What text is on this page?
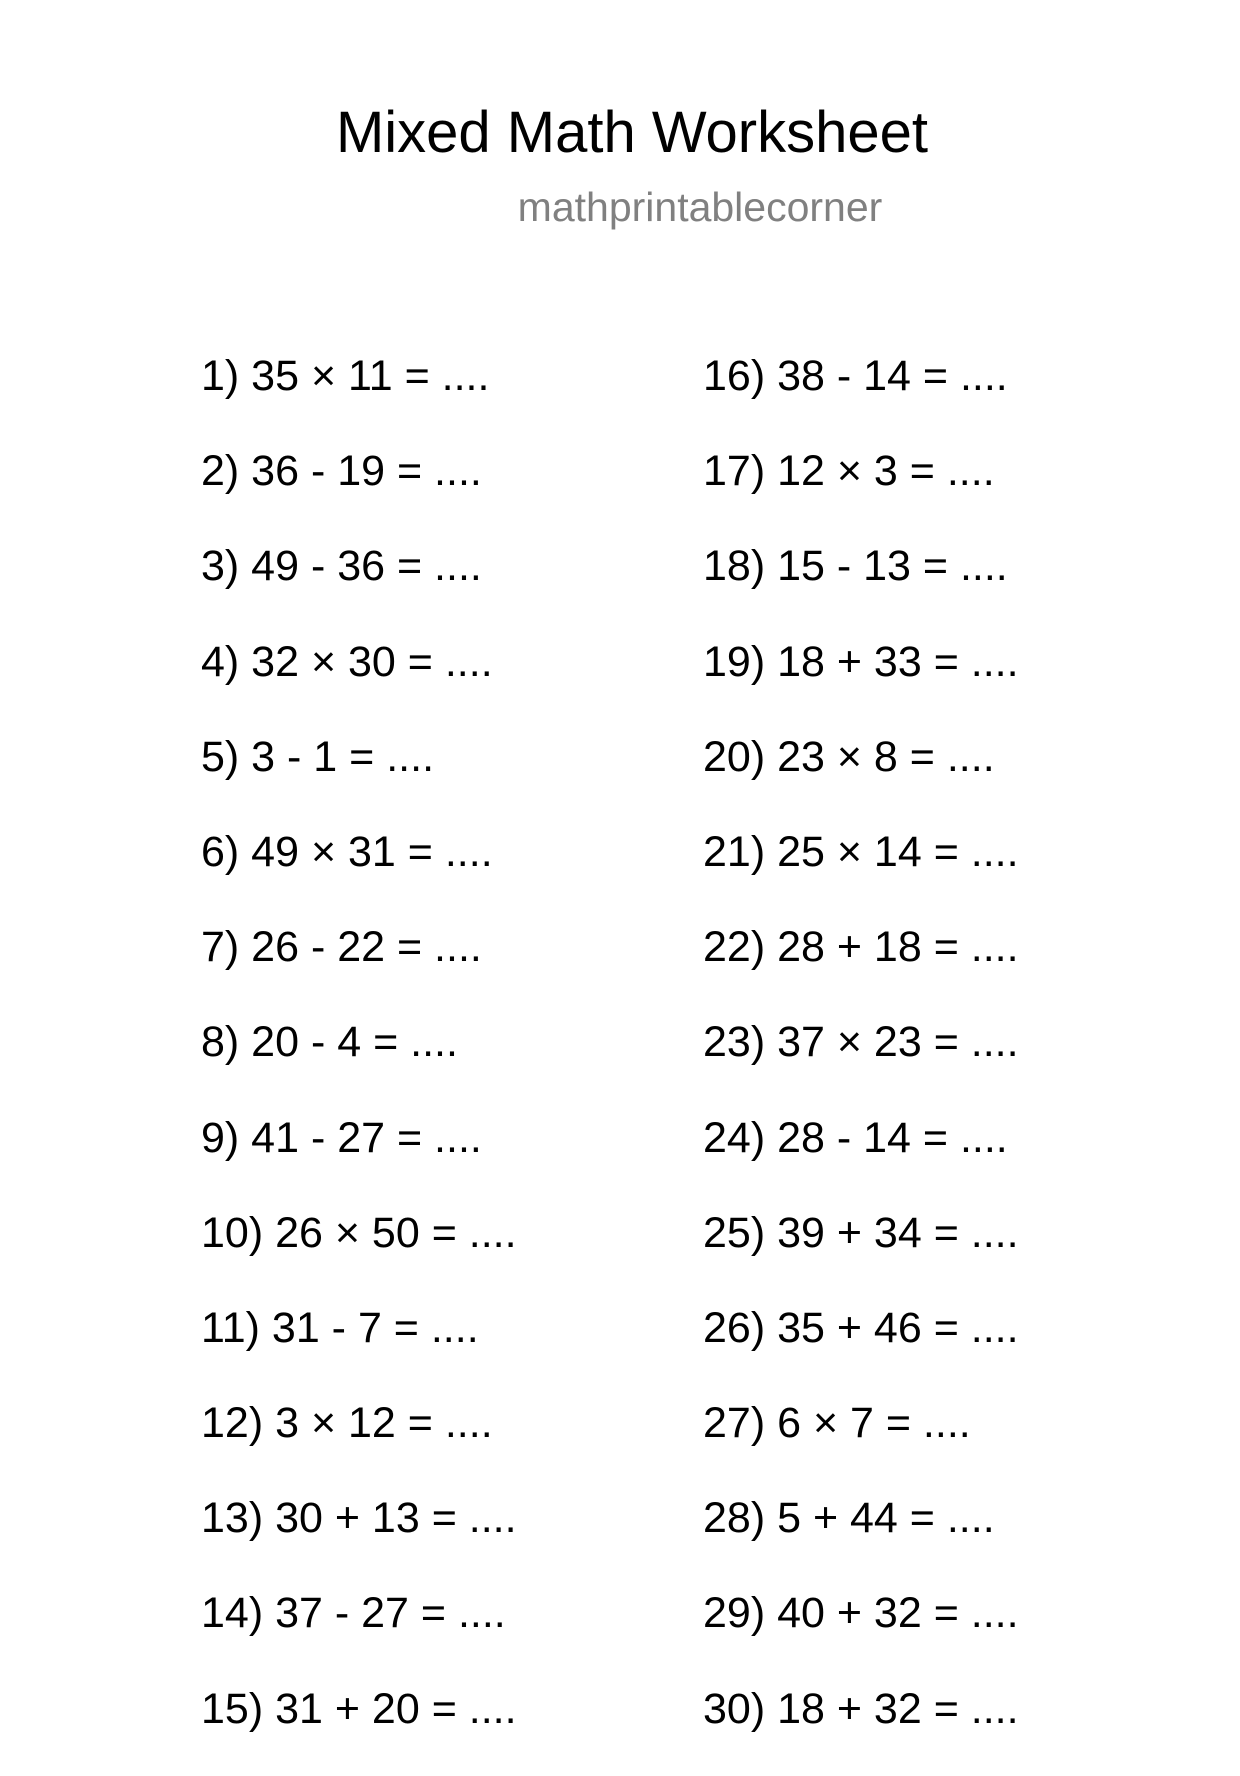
Mixed Math Worksheet
mathprintablecorner
1) 35 × 11 = ....
2) 36 - 19 = ....
3) 49 - 36 = ....
4) 32 × 30 = ....
5) 3 - 1 = ....
6) 49 × 31 = ....
7) 26 - 22 = ....
8) 20 - 4 = ....
9) 41 - 27 = ....
10) 26 × 50 = ....
11) 31 - 7 = ....
12) 3 × 12 = ....
13) 30 + 13 = ....
14) 37 - 27 = ....
15) 31 + 20 = ....
16) 38 - 14 = ....
17) 12 × 3 = ....
18) 15 - 13 = ....
19) 18 + 33 = ....
20) 23 × 8 = ....
21) 25 × 14 = ....
22) 28 + 18 = ....
23) 37 × 23 = ....
24) 28 - 14 = ....
25) 39 + 34 = ....
26) 35 + 46 = ....
27) 6 × 7 = ....
28) 5 + 44 = ....
29) 40 + 32 = ....
30) 18 + 32 = ....
